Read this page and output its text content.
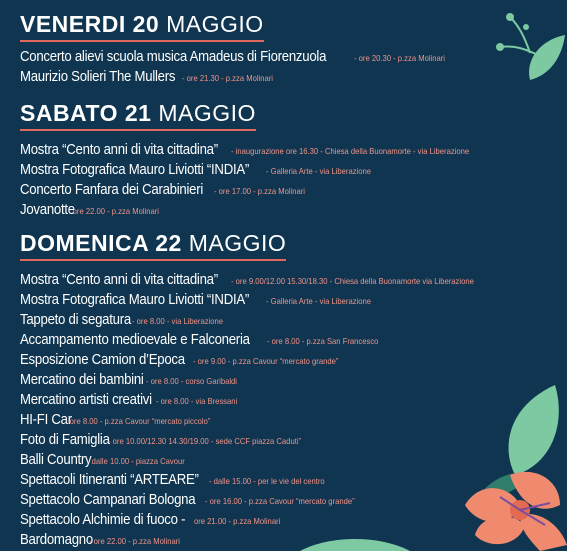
VENERDI 20 MAGGIO
Concerto alievi scuola musica Amadeus di Fiorenzuola	- ore 20.30 - p.zza Molinari
Maurizio Solieri The Mullers - ore 21.30 - p.zza Molinari
SABATO 21 MAGGIO
Mostra “Cento anni di vita cittadina” - inaugurazione ore 16.30 - Chiesa della Buonamorte - via Liberazione
Mostra Fotografica Mauro Liviotti “INDIA” - Galleria Arte - via Liberazione
Concerto Fanfara dei Carabinieri - ore 17.00 - p.zza Molinari
Jovanotte- ore 22.00 - p.zza Molinari
DOMENICA 22 MAGGIO
Mostra “Cento anni di vita cittadina” - ore 9.00/12.00 15.30/18.30 - Chiesa della Buonamorte via Liberazione
Mostra Fotografica Mauro Liviotti “INDIA” - Galleria Arte - via Liberazione
Tappeto di segatura- ore 8.00 - via Liberazione
Accampamento medioevale e Falconeria - ore 8.00 - p.zza San Francesco
Esposizione Camion d’Epoca - ore 9.00 - p.zza Cavour “mercato grande”
Mercatino dei bambini - ore 8.00 - corso Garibaldi
Mercatino artisti creativi - ore 8.00 - via Bressani
HI-FI Car- ore 8.00 - p.zza Cavour “mercato piccolo”
Foto di Famiglia- ore 10.00/12.30 14.30/19.00 - sede CCF piazza Caduti”
Balli Country- dalle 10.00 - piazza Cavour
Spettacoli Itineranti “ARTEARE” - dalle 15.00 - per le vie del centro
Spettacolo Campanari Bologna - ore 16.00 - p.zza Cavour “mercato grande”
Spettacolo Alchimie di fuoco - ore 21.00 - p.zza Molinari
Bardomagno- ore 22.00 - p.zza Molinari
